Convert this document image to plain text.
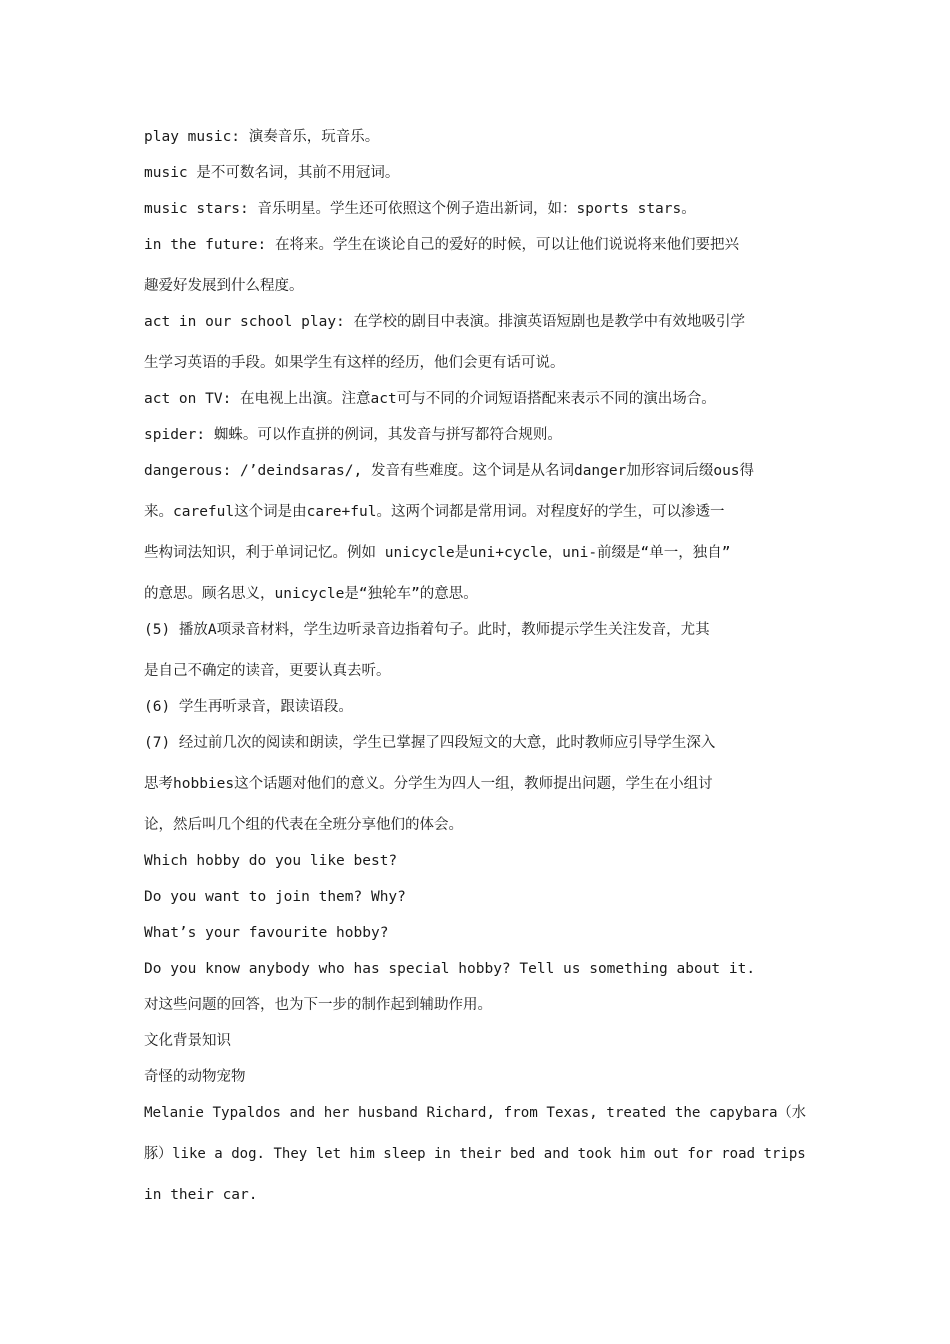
play music: 演奏音乐，玩音乐。
music 是不可数名词，其前不用冠词。
music stars: 音乐明星。学生还可依照这个例子造出新词，如：sports stars。
in the future: 在将来。学生在谈论自己的爱好的时候，可以让他们说说将来他们要把兴
趣爱好发展到什么程度。
act in our school play: 在学校的剧目中表演。排演英语短剧也是教学中有效地吸引学
生学习英语的手段。如果学生有这样的经历，他们会更有话可说。
act on TV: 在电视上出演。注意act可与不同的介词短语搭配来表示不同的演出场合。
spider: 蜘蛛。可以作直拼的例词，其发音与拼写都符合规则。
dangerous: /’deindsaras/, 发音有些难度。这个词是从名词danger加形容词后缀ous得
来。careful这个词是由care+ful。这两个词都是常用词。对程度好的学生，可以渗透一
些构词法知识，利于单词记忆。例如 unicycle是uni+cycle，uni-前缀是“单一，独自”
的意思。顾名思义，unicycle是“独轮车”的意思。
(5) 播放A项录音材料，学生边听录音边指着句子。此时，教师提示学生关注发音，尤其
是自己不确定的读音，更要认真去听。
(6) 学生再听录音，跟读语段。
(7) 经过前几次的阅读和朗读，学生已掌握了四段短文的大意，此时教师应引导学生深入
思考hobbies这个话题对他们的意义。分学生为四人一组，教师提出问题，学生在小组讨
论，然后叫几个组的代表在全班分享他们的体会。
Which hobby do you like best?
Do you want to join them? Why?
What’s your favourite hobby?
Do you know anybody who has special hobby? Tell us something about it.
对这些问题的回答，也为下一步的制作起到辅助作用。
文化背景知识
奇怪的动物宠物
Melanie Typaldos and her husband Richard, from Texas, treated the capybara（水
豚）like a dog. They let him sleep in their bed and took him out for road trips
in their car.
